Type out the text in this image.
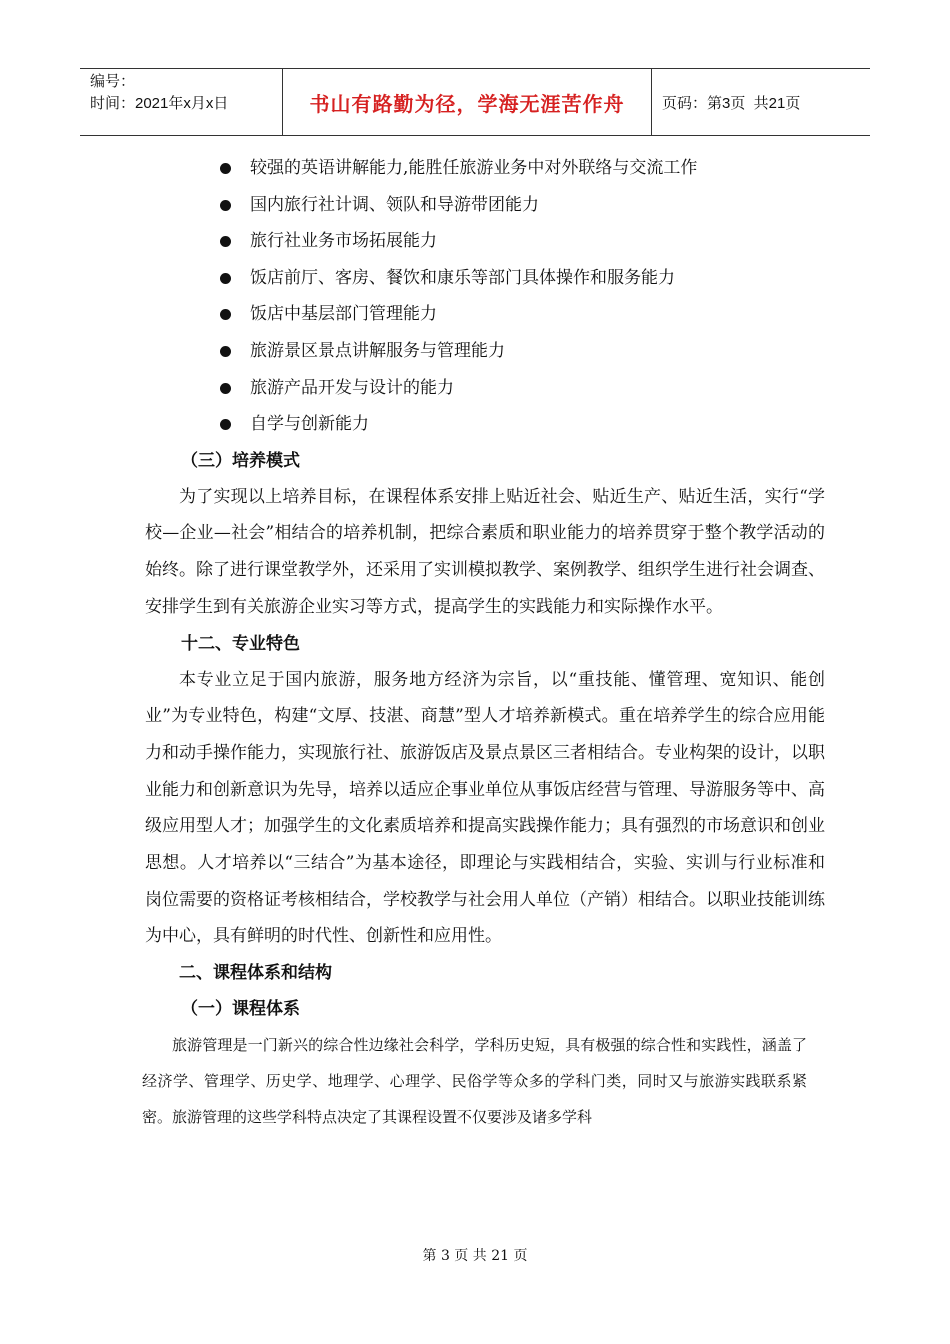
编号：
时间：2021年x月x日	书山有路勤为径，学海无涯苦作舟	页码：第3页  共21页
较强的英语讲解能力,能胜任旅游业务中对外联络与交流工作
国内旅行社计调、领队和导游带团能力
旅行社业务市场拓展能力
饭店前厅、客房、餐饮和康乐等部门具体操作和服务能力
饭店中基层部门管理能力
旅游景区景点讲解服务与管理能力
旅游产品开发与设计的能力
自学与创新能力
（三）培养模式

为了实现以上培养目标，在课程体系安排上贴近社会、贴近生产、贴近生活，实行“学校—企业—社会”相结合的培养机制，把综合素质和职业能力的培养贯穿于整个教学活动的始终。除了进行课堂教学外，还采用了实训模拟教学、案例教学、组织学生进行社会调查、安排学生到有关旅游企业实习等方式，提高学生的实践能力和实际操作水平。

十二、专业特色

本专业立足于国内旅游，服务地方经济为宗旨，以“重技能、懂管理、宽知识、能创业”为专业特色，构建“文厚、技湛、商慧”型人才培养新模式。重在培养学生的综合应用能力和动手操作能力，实现旅行社、旅游饭店及景点景区三者相结合。专业构架的设计，以职业能力和创新意识为先导，培养以适应企事业单位从事饭店经营与管理、导游服务等中、高级应用型人才；加强学生的文化素质培养和提高实践操作能力；具有强烈的市场意识和创业思想。人才培养以“三结合”为基本途径，即理论与实践相结合，实验、实训与行业标准和岗位需要的资格证考核相结合，学校教学与社会用人单位（产销）相结合。以职业技能训练为中心，具有鲜明的时代性、创新性和应用性。

二、课程体系和结构
（一）课程体系

旅游管理是一门新兴的综合性边缘社会科学，学科历史短，具有极强的综合性和实践性，涵盖了经济学、管理学、历史学、地理学、心理学、民俗学等众多的学科门类，同时又与旅游实践联系紧密。旅游管理的这些学科特点决定了其课程设置不仅要涉及诸多学科

第 3 页 共 21 页
